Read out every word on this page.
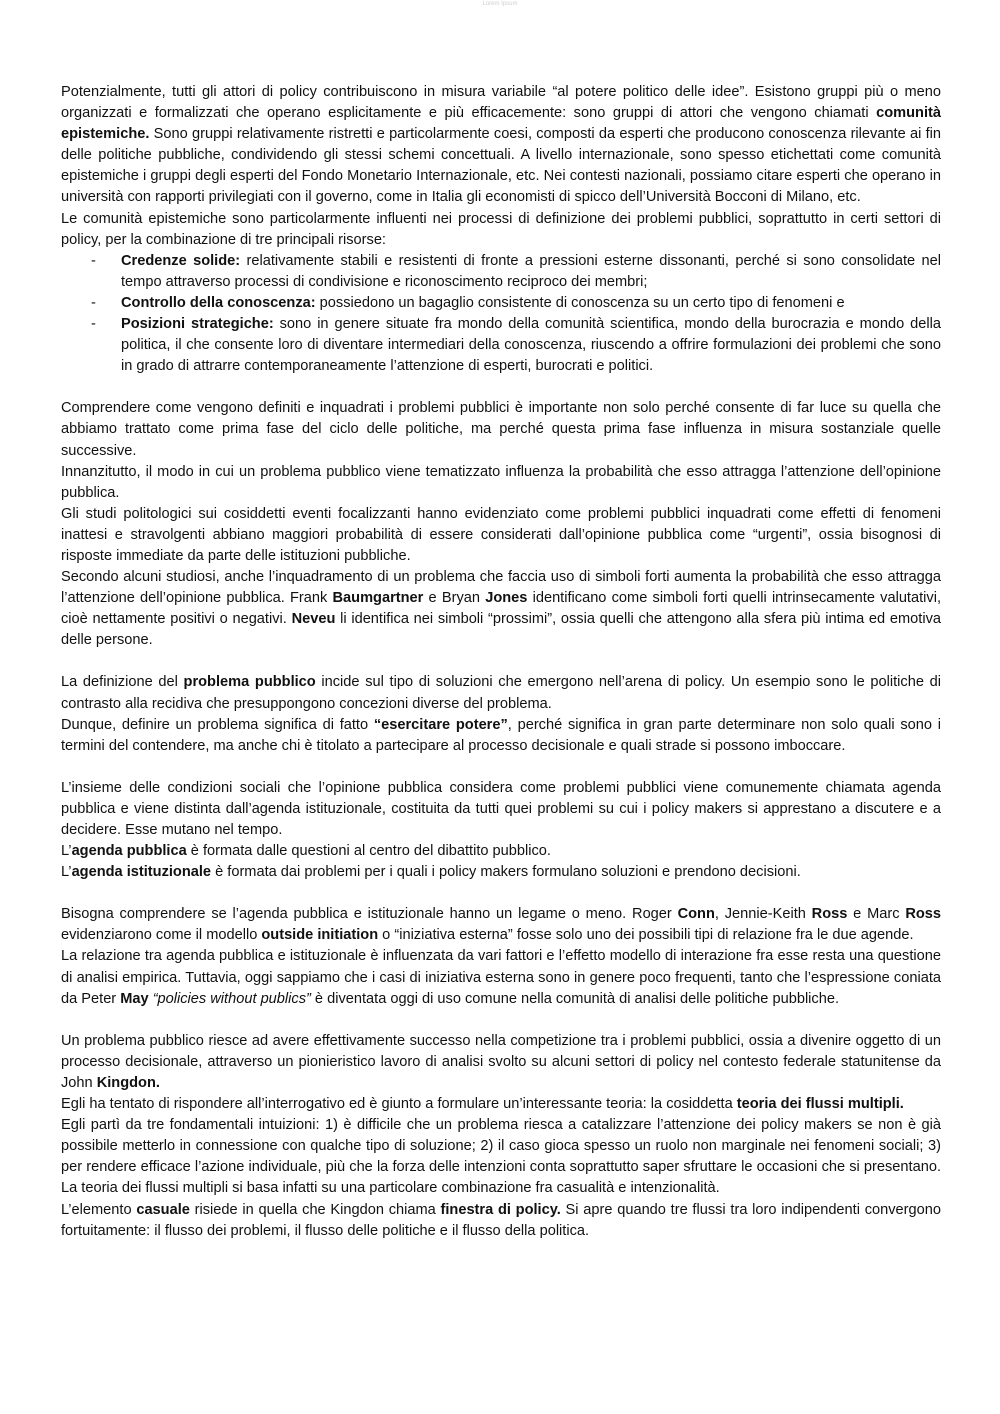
Lorem Ipsum

Potenzialmente, tutti gli attori di policy contribuiscono in misura variabile “al potere politico delle idee”. Esistono gruppi più o meno organizzati e formalizzati che operano esplicitamente e più efficacemente: sono gruppi di attori che vengono chiamati comunità epistemiche. Sono gruppi relativamente ristretti e particolarmente coesi, composti da esperti che producono conoscenza rilevante ai fin delle politiche pubbliche, condividendo gli stessi schemi concettuali. A livello internazionale, sono spesso etichettati come comunità epistemiche i gruppi degli esperti del Fondo Monetario Internazionale, etc. Nei contesti nazionali, possiamo citare esperti che operano in università con rapporti privilegiati con il governo, come in Italia gli economisti di spicco dell’Università Bocconi di Milano, etc.

Le comunità epistemiche sono particolarmente influenti nei processi di definizione dei problemi pubblici, soprattutto in certi settori di policy, per la combinazione di tre principali risorse:

- Credenze solide: relativamente stabili e resistenti di fronte a pressioni esterne dissonanti, perché si sono consolidate nel tempo attraverso processi di condivisione e riconoscimento reciproco dei membri;
- Controllo della conoscenza: possiedono un bagaglio consistente di conoscenza su un certo tipo di fenomeni e
- Posizioni strategiche: sono in genere situate fra mondo della comunità scientifica, mondo della burocrazia e mondo della politica, il che consente loro di diventare intermediari della conoscenza, riuscendo a offrire formulazioni dei problemi che sono in grado di attrarre contemporaneamente l’attenzione di esperti, burocrati e politici.

Comprendere come vengono definiti e inquadrati i problemi pubblici è importante non solo perché consente di far luce su quella che abbiamo trattato come prima fase del ciclo delle politiche, ma perché questa prima fase influenza in misura sostanziale quelle successive.

Innanzitutto, il modo in cui un problema pubblico viene tematizzato influenza la probabilità che esso attragga l’attenzione dell’opinione pubblica.

Gli studi politologici sui cosiddetti eventi focalizzanti hanno evidenziato come problemi pubblici inquadrati come effetti di fenomeni inattesi e stravolgenti abbiano maggiori probabilità di essere considerati dall’opinione pubblica come “urgenti”, ossia bisognosi di risposte immediate da parte delle istituzioni pubbliche.

Secondo alcuni studiosi, anche l’inquadramento di un problema che faccia uso di simboli forti aumenta la probabilità che esso attragga l’attenzione dell’opinione pubblica. Frank Baumgartner e Bryan Jones identificano come simboli forti quelli intrinsecamente valutativi, cioè nettamente positivi o negativi. Neveu li identifica nei simboli “prossimi”, ossia quelli che attengono alla sfera più intima ed emotiva delle persone.

La definizione del problema pubblico incide sul tipo di soluzioni che emergono nell’arena di policy. Un esempio sono le politiche di contrasto alla recidiva che presuppongono concezioni diverse del problema.

Dunque, definire un problema significa di fatto “esercitare potere”, perché significa in gran parte determinare non solo quali sono i termini del contendere, ma anche chi è titolato a partecipare al processo decisionale e quali strade si possono imboccare.

L’insieme delle condizioni sociali che l’opinione pubblica considera come problemi pubblici viene comunemente chiamata agenda pubblica e viene distinta dall’agenda istituzionale, costituita da tutti quei problemi su cui i policy makers si apprestano a discutere e a decidere. Esse mutano nel tempo.

L’agenda pubblica è formata dalle questioni al centro del dibattito pubblico.

L’agenda istituzionale è formata dai problemi per i quali i policy makers formulano soluzioni e prendono decisioni.

Bisogna comprendere se l’agenda pubblica e istituzionale hanno un legame o meno. Roger Conn, Jennie-Keith Ross e Marc Ross evidenziarono come il modello outside initiation o “iniziativa esterna” fosse solo uno dei possibili tipi di relazione fra le due agende.

La relazione tra agenda pubblica e istituzionale è influenzata da vari fattori e l’effetto modello di interazione fra esse resta una questione di analisi empirica. Tuttavia, oggi sappiamo che i casi di iniziativa esterna sono in genere poco frequenti, tanto che l’espressione coniata da Peter May “policies without publics” è diventata oggi di uso comune nella comunità di analisi delle politiche pubbliche.

Un problema pubblico riesce ad avere effettivamente successo nella competizione tra i problemi pubblici, ossia a divenire oggetto di un processo decisionale, attraverso un pionieristico lavoro di analisi svolto su alcuni settori di policy nel contesto federale statunitense da John Kingdon.

Egli ha tentato di rispondere all’interrogativo ed è giunto a formulare un’interessante teoria: la cosiddetta teoria dei flussi multipli.

Egli partì da tre fondamentali intuizioni: 1) è difficile che un problema riesca a catalizzare l’attenzione dei policy makers se non è già possibile metterlo in connessione con qualche tipo di soluzione; 2) il caso gioca spesso un ruolo non marginale nei fenomeni sociali; 3) per rendere efficace l’azione individuale, più che la forza delle intenzioni conta soprattutto saper sfruttare le occasioni che si presentano. La teoria dei flussi multipli si basa infatti su una particolare combinazione fra casualità e intenzionalità.

L’elemento casuale risiede in quella che Kingdon chiama finestra di policy. Si apre quando tre flussi tra loro indipendenti convergono fortuitamente: il flusso dei problemi, il flusso delle politiche e il flusso della politica.
